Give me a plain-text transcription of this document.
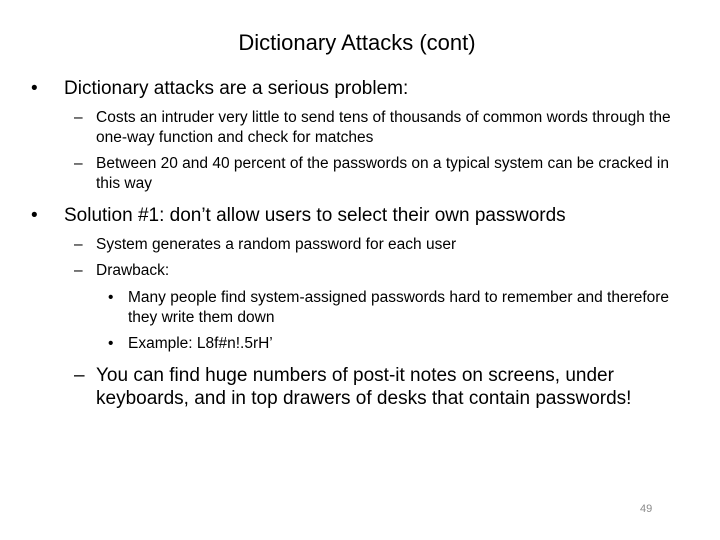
Dictionary Attacks (cont)
•	Dictionary attacks are a serious problem:
– Costs an intruder very little to send tens of thousands of common words through the one-way function and check for matches
– Between 20 and 40 percent of the passwords on a typical system can be cracked in this way
•	Solution #1: don’t allow users to select their own passwords
– System generates a random password for each user
– Drawback:
• Many people find system-assigned passwords hard to remember and therefore they write them down
• Example: L8f#n!.5rH’
– You can find huge numbers of post-it notes on screens, under keyboards, and in top drawers of desks that contain passwords!
49
